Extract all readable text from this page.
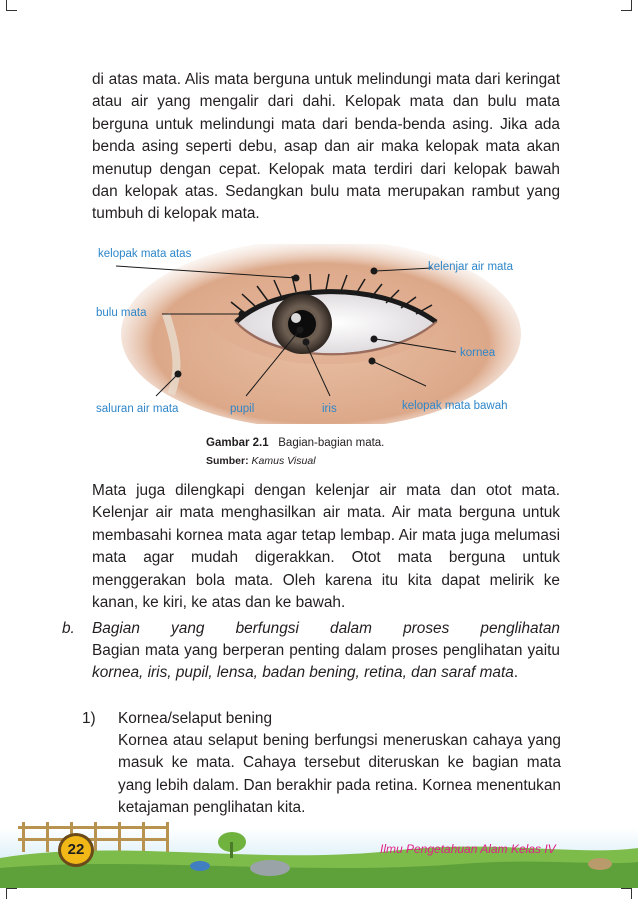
di atas mata. Alis mata berguna untuk melindungi mata dari keringat atau air yang mengalir dari dahi. Kelopak mata dan bulu mata berguna untuk melindungi mata dari benda-benda asing. Jika ada benda asing seperti debu, asap dan air maka kelopak mata akan menutup dengan cepat. Kelopak mata terdiri dari kelopak bawah dan kelopak atas. Sedangkan bulu mata merupakan rambut yang tumbuh di kelopak mata.

kelopak mata atas
kelenjar air mata
bulu mata
kornea
saluran air mata	pupil	iris	kelopak mata bawah
Gambar 2.1 Bagian-bagian mata.
Sumber: Kamus Visual

Mata juga dilengkapi dengan kelenjar air mata dan otot mata. Kelenjar air mata menghasilkan air mata. Air mata berguna untuk membasahi kornea mata agar tetap lembap. Air mata juga melumasi mata agar mudah digerakkan. Otot mata berguna untuk menggerakan bola mata. Oleh karena itu kita dapat melirik ke kanan, ke kiri, ke atas dan ke bawah.

b. Bagian yang berfungsi dalam proses penglihatan

Bagian mata yang berperan penting dalam proses penglihatan yaitu kornea, iris, pupil, lensa, badan bening, retina, dan saraf mata.

1) Kornea/selaput bening

Kornea atau selaput bening berfungsi meneruskan cahaya yang masuk ke mata. Cahaya tersebut diteruskan ke bagian mata yang lebih dalam. Dan berakhir pada retina. Kornea menentukan ketajaman penglihatan kita.

22	Ilmu Pengetahuan Alam Kelas IV
